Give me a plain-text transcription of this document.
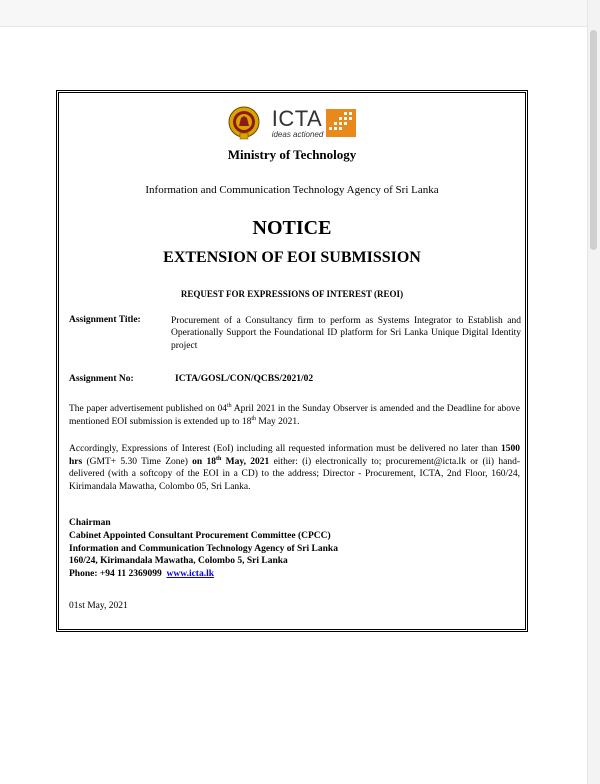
ICTA
ideas actioned
Ministry of Technology
Information and Communication Technology Agency of Sri Lanka
NOTICE
EXTENSION OF EOI SUBMISSION
REQUEST FOR EXPRESSIONS OF INTEREST (REOI)
Assignment Title:	Procurement of a Consultancy firm to perform as Systems Integrator to Establish and Operationally Support the Foundational ID platform for Sri Lanka Unique Digital Identity project
Assignment No:	ICTA/GOSL/CON/QCBS/2021/02
The paper advertisement published on 04th April 2021 in the Sunday Observer is amended and the Deadline for above mentioned EOI submission is extended up to 18th May 2021.
Accordingly, Expressions of Interest (EoI) including all requested information must be delivered no later than 1500 hrs (GMT+ 5.30 Time Zone) on 18th May, 2021 either: (i) electronically to; procurement@icta.lk or (ii) hand-delivered (with a softcopy of the EOI in a CD) to the address; Director - Procurement, ICTA, 2nd Floor, 160/24, Kirimandala Mawatha, Colombo 05, Sri Lanka.
Chairman
Cabinet Appointed Consultant Procurement Committee (CPCC)
Information and Communication Technology Agency of Sri Lanka
160/24, Kirimandala Mawatha, Colombo 5, Sri Lanka
Phone: +94 11 2369099 www.icta.lk
01st May, 2021
